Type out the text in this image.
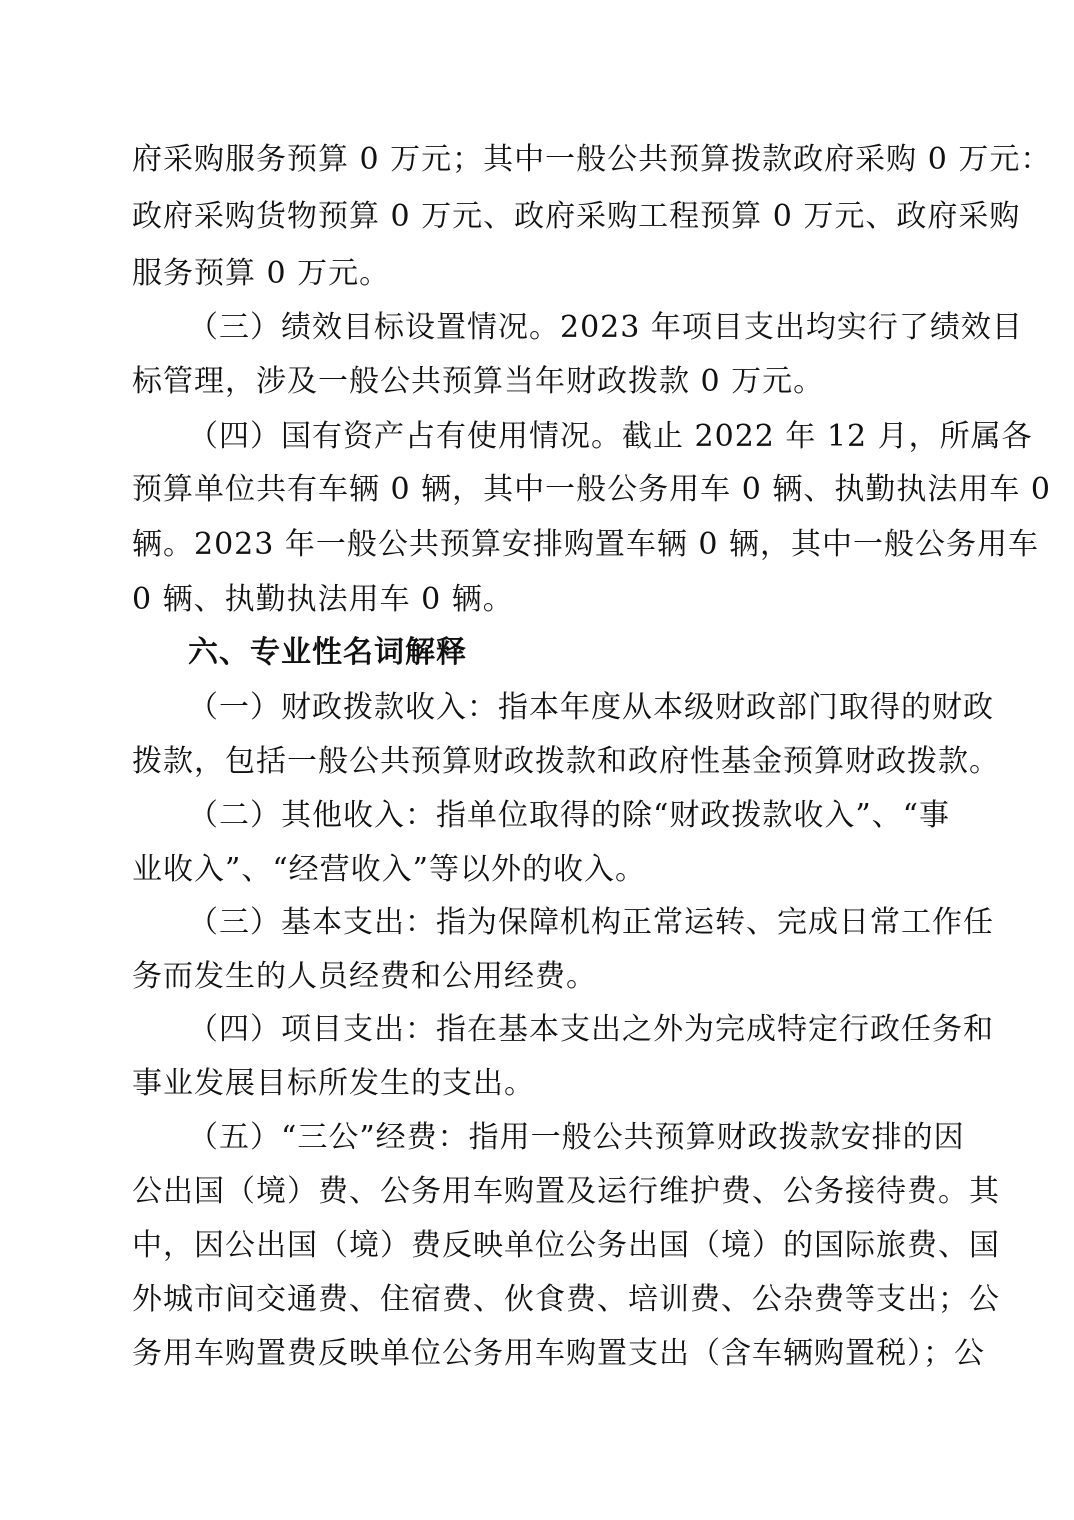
府采购服务预算 0 万元；其中一般公共预算拨款政府采购 0 万元：
政府采购货物预算 0 万元、政府采购工程预算 0 万元、政府采购
服务预算 0 万元。
（三）绩效目标设置情况。2023 年项目支出均实行了绩效目
标管理，涉及一般公共预算当年财政拨款 0 万元。
（四）国有资产占有使用情况。截止 2022 年 12 月，所属各
预算单位共有车辆 0 辆，其中一般公务用车 0 辆、执勤执法用车 0
辆。2023 年一般公共预算安排购置车辆 0 辆，其中一般公务用车
0 辆、执勤执法用车 0 辆。
六、专业性名词解释
（一）财政拨款收入：指本年度从本级财政部门取得的财政
拨款，包括一般公共预算财政拨款和政府性基金预算财政拨款。
（二）其他收入：指单位取得的除“财政拨款收入”、“事
业收入”、“经营收入”等以外的收入。
（三）基本支出：指为保障机构正常运转、完成日常工作任
务而发生的人员经费和公用经费。
（四）项目支出：指在基本支出之外为完成特定行政任务和
事业发展目标所发生的支出。
（五）“三公”经费：指用一般公共预算财政拨款安排的因
公出国（境）费、公务用车购置及运行维护费、公务接待费。其
中，因公出国（境）费反映单位公务出国（境）的国际旅费、国
外城市间交通费、住宿费、伙食费、培训费、公杂费等支出；公
务用车购置费反映单位公务用车购置支出（含车辆购置税）；公
